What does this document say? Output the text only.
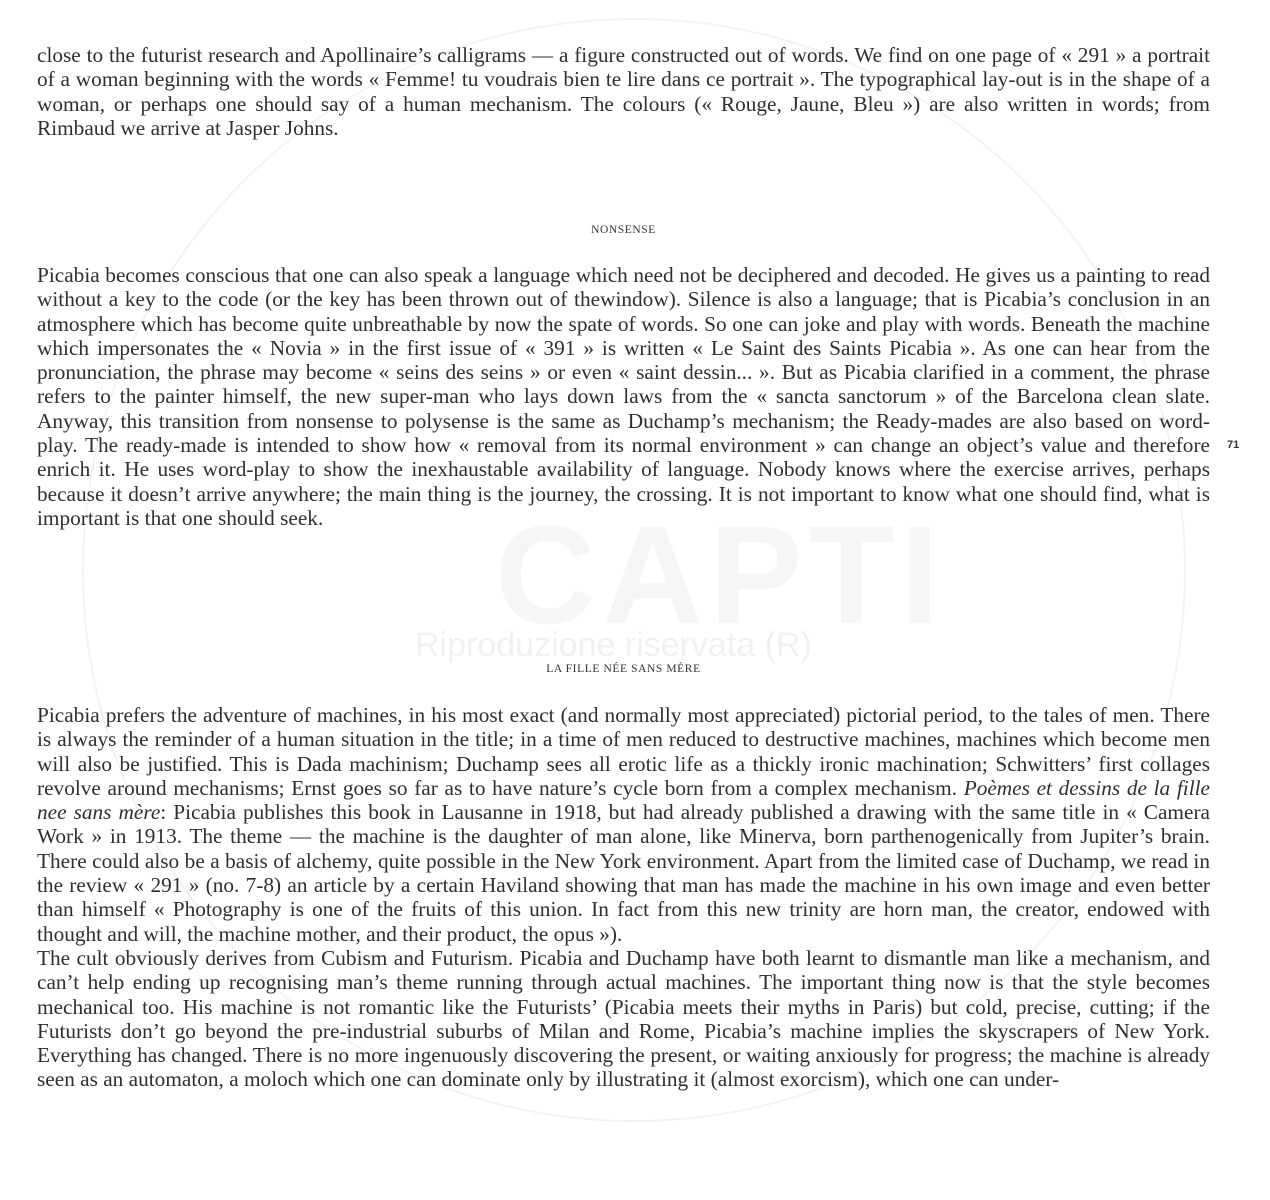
Riproduzione riservata (R)

close to the futurist research and Apollinaire’s calligrams — a figure constructed out of words. We find on one page of « 291 » a portrait of a woman beginning with the words « Femme! tu voudrais bien te lire dans ce portrait ». The typographical lay-out is in the shape of a woman, or perhaps one should say of a human mechanism. The colours (« Rouge, Jaune, Bleu ») are also written in words; from Rimbaud we arrive at Jasper Johns.

NONSENSE

Picabia becomes conscious that one can also speak a language which need not be deciphered and decoded. He gives us a painting to read without a key to the code (or the key has been thrown out of thewindow). Silence is also a language; that is Picabia’s conclusion in an atmosphere which has become quite unbreathable by now the spate of words. So one can joke and play with words. Beneath the machine which impersonates the « Novia » in the first issue of « 391 » is written « Le Saint des Saints Picabia ». As one can hear from the pronunciation, the phrase may become « seins des seins » or even « saint dessin... ». But as Picabia clarified in a comment, the phrase refers to the painter himself, the new super-man who lays down laws from the « sancta sanctorum » of the Barcelona clean slate. Anyway, this transition from nonsense to polysense is the same as Duchamp’s mechanism; the Ready-mades are also based on word-play. The ready-made is intended to show how « removal from its normal environment » can change an object’s value and therefore enrich it. He uses word-play to show the inexhaustable availability of language. Nobody knows where the exercise arrives, perhaps because it doesn’t arrive anywhere; the main thing is the journey, the crossing. It is not important to know what one should find, what is important is that one should seek.

71
LA FILLE NÉE SANS MÈRE

Picabia prefers the adventure of machines, in his most exact (and normally most appreciated) pictorial period, to the tales of men. There is always the reminder of a human situation in the title; in a time of men reduced to destructive machines, machines which become men will also be justified. This is Dada machinism; Duchamp sees all erotic life as a thickly ironic machination; Schwitters’ first collages revolve around mechanisms; Ernst goes so far as to have nature’s cycle born from a complex mechanism. Poèmes et dessins de la fille nee sans mère: Picabia publishes this book in Lausanne in 1918, but had already published a drawing with the same title in « Camera Work » in 1913. The theme — the machine is the daughter of man alone, like Minerva, born parthenogenically from Jupiter’s brain. There could also be a basis of alchemy, quite possible in the New York environment. Apart from the limited case of Duchamp, we read in the review « 291 » (no. 7-8) an article by a certain Haviland showing that man has made the machine in his own image and even better than himself « Photography is one of the fruits of this union. In fact from this new trinity are horn man, the creator, endowed with thought and will, the machine mother, and their product, the opus »).

The cult obviously derives from Cubism and Futurism. Picabia and Duchamp have both learnt to dismantle man like a mechanism, and can’t help ending up recognising man’s theme running through actual machines. The important thing now is that the style becomes mechanical too. His machine is not romantic like the Futurists’ (Picabia meets their myths in Paris) but cold, precise, cutting; if the Futurists don’t go beyond the pre-industrial suburbs of Milan and Rome, Picabia’s machine implies the skyscrapers of New York. Everything has changed. There is no more ingenuously discovering the present, or waiting anxiously for progress; the machine is already seen as an automaton, a moloch which one can dominate only by illustrating it (almost exorcism), which one can under-
